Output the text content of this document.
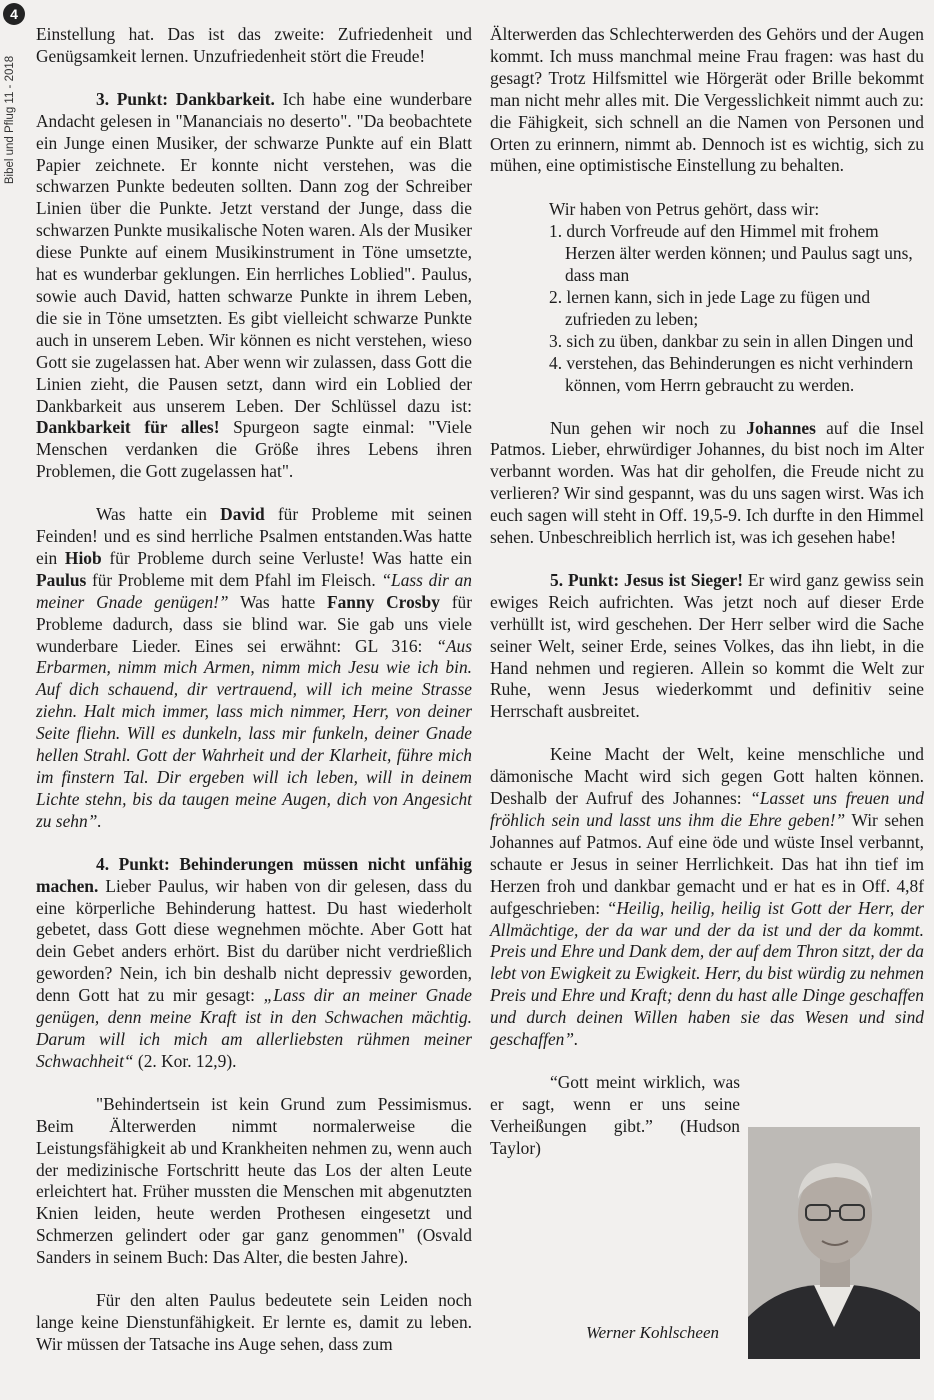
4
Bibel und Pflug 11 - 2018

Einstellung hat. Das ist das zweite: Zufriedenheit und Genügsamkeit lernen. Unzufriedenheit stört die Freude!

3. Punkt: Dankbarkeit. Ich habe eine wunderbare Andacht gelesen in "Mananciais no deserto". "Da beobachtete ein Junge einen Musiker, der schwarze Punkte auf ein Blatt Papier zeichnete. Er konnte nicht verstehen, was die schwarzen Punkte bedeuten sollten. Dann zog der Schreiber Linien über die Punkte. Jetzt verstand der Junge, dass die schwarzen Punkte musikalische Noten waren. Als der Musiker diese Punkte auf einem Musikinstrument in Töne umsetzte, hat es wunderbar geklungen. Ein herrliches Loblied". Paulus, sowie auch David, hatten schwarze Punkte in ihrem Leben, die sie in Töne umsetzten. Es gibt vielleicht schwarze Punkte auch in unserem Leben. Wir können es nicht verstehen, wieso Gott sie zugelassen hat. Aber wenn wir zulassen, dass Gott die Linien zieht, die Pausen setzt, dann wird ein Loblied der Dankbarkeit aus unserem Leben. Der Schlüssel dazu ist: Dankbarkeit für alles! Spurgeon sagte einmal: "Viele Menschen verdanken die Größe ihres Lebens ihren Problemen, die Gott zugelassen hat".

Was hatte ein David für Probleme mit seinen Feinden! und es sind herrliche Psalmen entstanden.Was hatte ein Hiob für Probleme durch seine Verluste! Was hatte ein Paulus für Probleme mit dem Pfahl im Fleisch. “Lass dir an meiner Gnade genügen!” Was hatte Fanny Crosby für Probleme dadurch, dass sie blind war. Sie gab uns viele wunderbare Lieder. Eines sei erwähnt: GL 316: “Aus Erbarmen, nimm mich Armen, nimm mich Jesu wie ich bin. Auf dich schauend, dir vertrauend, will ich meine Strasse ziehn. Halt mich immer, lass mich nimmer, Herr, von deiner Seite fliehn. Will es dunkeln, lass mir funkeln, deiner Gnade hellen Strahl. Gott der Wahrheit und der Klarheit, führe mich im finstern Tal. Dir ergeben will ich leben, will in deinem Lichte stehn, bis da taugen meine Augen, dich von Angesicht zu sehn”.

4. Punkt: Behinderungen müssen nicht unfähig machen. Lieber Paulus, wir haben von dir gelesen, dass du eine körperliche Behinderung hattest. Du hast wiederholt gebetet, dass Gott diese wegnehmen möchte. Aber Gott hat dein Gebet anders erhört. Bist du darüber nicht verdrießlich geworden? Nein, ich bin deshalb nicht depressiv geworden, denn Gott hat zu mir gesagt: „Lass dir an meiner Gnade genügen, denn meine Kraft ist in den Schwachen mächtig. Darum will ich mich am allerliebsten rühmen meiner Schwachheit“ (2. Kor. 12,9).

"Behindertsein ist kein Grund zum Pessimismus. Beim Älterwerden nimmt normalerweise die Leistungsfähigkeit ab und Krankheiten nehmen zu, wenn auch der medizinische Fortschritt heute das Los der alten Leute erleichtert hat. Früher mussten die Menschen mit abgenutzten Knien leiden, heute werden Prothesen eingesetzt und Schmerzen gelindert oder gar ganz genommen" (Osvald Sanders in seinem Buch: Das Alter, die besten Jahre).

Für den alten Paulus bedeutete sein Leiden noch lange keine Dienstunfähigkeit. Er lernte es, damit zu leben. Wir müssen der Tatsache ins Auge sehen, dass zum

Älterwerden das Schlechterwerden des Gehörs und der Augen kommt. Ich muss manchmal meine Frau fragen: was hast du gesagt? Trotz Hilfsmittel wie Hörgerät oder Brille bekommt man nicht mehr alles mit. Die Vergesslichkeit nimmt auch zu: die Fähigkeit, sich schnell an die Namen von Personen und Orten zu erinnern, nimmt ab. Dennoch ist es wichtig, sich zu mühen, eine optimistische Einstellung zu behalten.

Wir haben von Petrus gehört, dass wir:

1. durch Vorfreude auf den Himmel mit frohem Herzen älter werden können; und Paulus sagt uns, dass man
2. lernen kann, sich in jede Lage zu fügen und zufrieden zu leben;
3. sich zu üben, dankbar zu sein in allen Dingen und
4. verstehen, das Behinderungen es nicht verhindern können, vom Herrn gebraucht zu werden.

Nun gehen wir noch zu Johannes auf die Insel Patmos. Lieber, ehrwürdiger Johannes, du bist noch im Alter verbannt worden. Was hat dir geholfen, die Freude nicht zu verlieren? Wir sind gespannt, was du uns sagen wirst. Was ich euch sagen will steht in Off. 19,5-9. Ich durfte in den Himmel sehen. Unbeschreiblich herrlich ist, was ich gesehen habe!

5. Punkt: Jesus ist Sieger! Er wird ganz gewiss sein ewiges Reich aufrichten. Was jetzt noch auf dieser Erde verhüllt ist, wird geschehen. Der Herr selber wird die Sache seiner Welt, seiner Erde, seines Volkes, das ihn liebt, in die Hand nehmen und regieren. Allein so kommt die Welt zur Ruhe, wenn Jesus wiederkommt und definitiv seine Herrschaft ausbreitet.

Keine Macht der Welt, keine menschliche und dämonische Macht wird sich gegen Gott halten können. Deshalb der Aufruf des Johannes: “Lasset uns freuen und fröhlich sein und lasst uns ihm die Ehre geben!” Wir sehen Johannes auf Patmos. Auf eine öde und wüste Insel verbannt, schaute er Jesus in seiner Herrlichkeit. Das hat ihn tief im Herzen froh und dankbar gemacht und er hat es in Off. 4,8f aufgeschrieben: “Heilig, heilig, heilig ist Gott der Herr, der Allmächtige, der da war und der da ist und der da kommt. Preis und Ehre und Dank dem, der auf dem Thron sitzt, der da lebt von Ewigkeit zu Ewigkeit. Herr, du bist würdig zu nehmen Preis und Ehre und Kraft; denn du hast alle Dinge geschaffen und durch deinen Willen haben sie das Wesen und sind geschaffen”.

“Gott meint wirklich, was er sagt, wenn er uns seine Verheißungen gibt.” (Hudson Taylor)

Werner Kohlscheen
